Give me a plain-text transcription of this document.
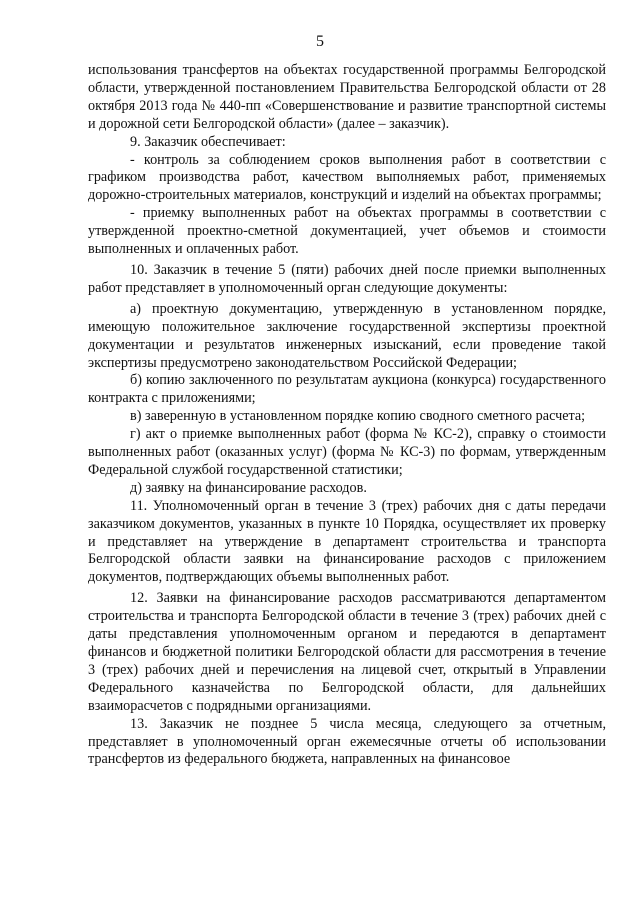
5

использования трансфертов на объектах государственной программы Белгородской области, утвержденной постановлением Правительства Белгородской области от 28 октября 2013 года № 440-пп «Совершенствование и развитие транспортной системы и дорожной сети Белгородской области» (далее – заказчик).

9. Заказчик обеспечивает:

- контроль за соблюдением сроков выполнения работ в соответствии с графиком производства работ, качеством выполняемых работ, применяемых дорожно-строительных материалов, конструкций и изделий на объектах программы;

- приемку выполненных работ на объектах программы в соответствии с утвержденной проектно-сметной документацией, учет объемов и стоимости выполненных и оплаченных работ.

10. Заказчик в течение 5 (пяти) рабочих дней после приемки выполненных работ представляет в уполномоченный орган следующие документы:

а) проектную документацию, утвержденную в установленном порядке, имеющую положительное заключение государственной экспертизы проектной документации и результатов инженерных изысканий, если проведение такой экспертизы предусмотрено законодательством Российской Федерации;

б) копию заключенного по результатам аукциона (конкурса) государственного контракта с приложениями;

в) заверенную в установленном порядке копию сводного сметного расчета;

г) акт о приемке выполненных работ (форма № КС-2), справку о стоимости выполненных работ (оказанных услуг) (форма № КС-3) по формам, утвержденным Федеральной службой государственной статистики;

д) заявку на финансирование расходов.

11. Уполномоченный орган в течение 3 (трех) рабочих дня с даты передачи заказчиком документов, указанных в пункте 10 Порядка, осуществляет их проверку и представляет на утверждение в департамент строительства и транспорта Белгородской области заявки на финансирование расходов с приложением документов, подтверждающих объемы выполненных работ.

12. Заявки на финансирование расходов рассматриваются департаментом строительства и транспорта Белгородской области в течение 3 (трех) рабочих дней с даты представления уполномоченным органом и передаются в департамент финансов и бюджетной политики Белгородской области для рассмотрения в течение 3 (трех) рабочих дней и перечисления на лицевой счет, открытый в Управлении Федерального казначейства по Белгородской области, для дальнейших взаиморасчетов с подрядными организациями.

13. Заказчик не позднее 5 числа месяца, следующего за отчетным, представляет в уполномоченный орган ежемесячные отчеты об использовании трансфертов из федерального бюджета, направленных на финансовое
